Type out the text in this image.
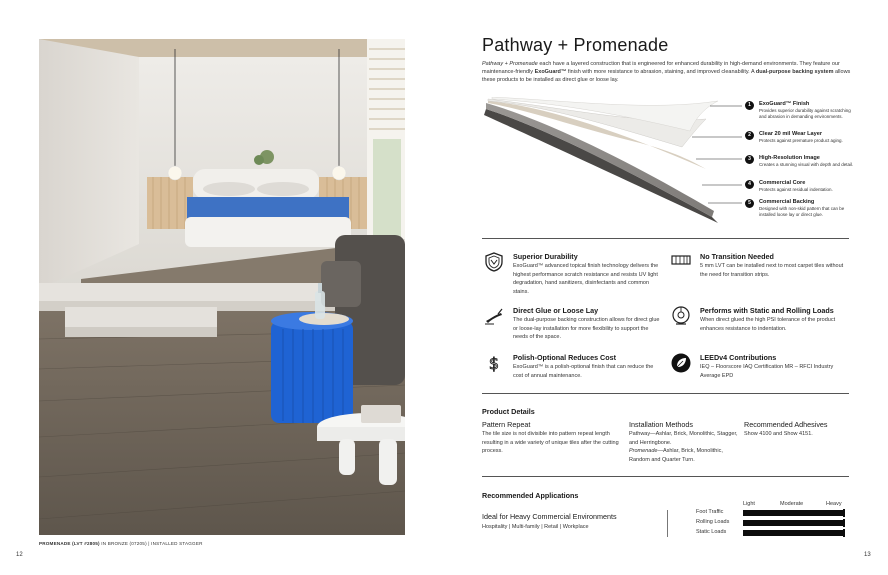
PROMENADE (LVT #2805) IN BRONZE (07205) | INSTALLED STAGGER
12
Pathway + Promenade
Pathway + Promenade each have a layered construction that is engineered for enhanced durability in high-demand environments. They feature our maintenance-friendly ExoGuard™ finish with more resistance to abrasion, staining, and improved cleanability. A dual-purpose backing system allows these products to be installed as direct glue or loose lay.
1	ExoGuard™ Finish
Provides superior durability against scratching and abrasion in demanding environments.
2	Clear 20 mil Wear Layer
Protects against premature product aging.
3	High-Resolution Image
Creates a stunning visual with depth and detail.
4	Commercial Core
Protects against residual indentation.
5	Commercial Backing
Designed with non-skid pattern that can be installed loose lay or direct glue.
Superior Durability
ExoGuard™ advanced topical finish technology delivers the highest performance scratch resistance and resists UV light degradation, hand sanitizers, disinfectants and common stains.
No Transition Needed
5 mm LVT can be installed next to most carpet tiles without the need for transition strips.
Direct Glue or Loose Lay
The dual-purpose backing construction allows for direct glue or loose-lay installation for more flexibility to support the needs of the space.
Performs with Static and Rolling Loads
When direct glued the high PSI tolerance of the product enhances resistance to indentation.
$ Polish-Optional Reduces Cost
ExoGuard™ is a polish-optional finish that can reduce the cost of annual maintenance.
LEEDv4 Contributions
IEQ – Floorscore IAQ Certification MR – RFCI Industry Average EPD
Product Details
Pattern Repeat
The tile size is not divisible into pattern repeat length resulting in a wide variety of unique tiles after the cutting process.
Installation Methods
Pathway—Ashlar, Brick, Monolithic, Stagger, and Herringbone.
Promenade—Ashlar, Brick, Monolithic, Random and Quarter Turn.
Recommended Adhesives
Show 4100 and Show 4151.
Recommended Applications
Ideal for Heavy Commercial Environments
Hospitality | Multi-family | Retail | Workplace
Light	Moderate	Heavy
Foot Traffic
Rolling Loads
Static Loads
13
